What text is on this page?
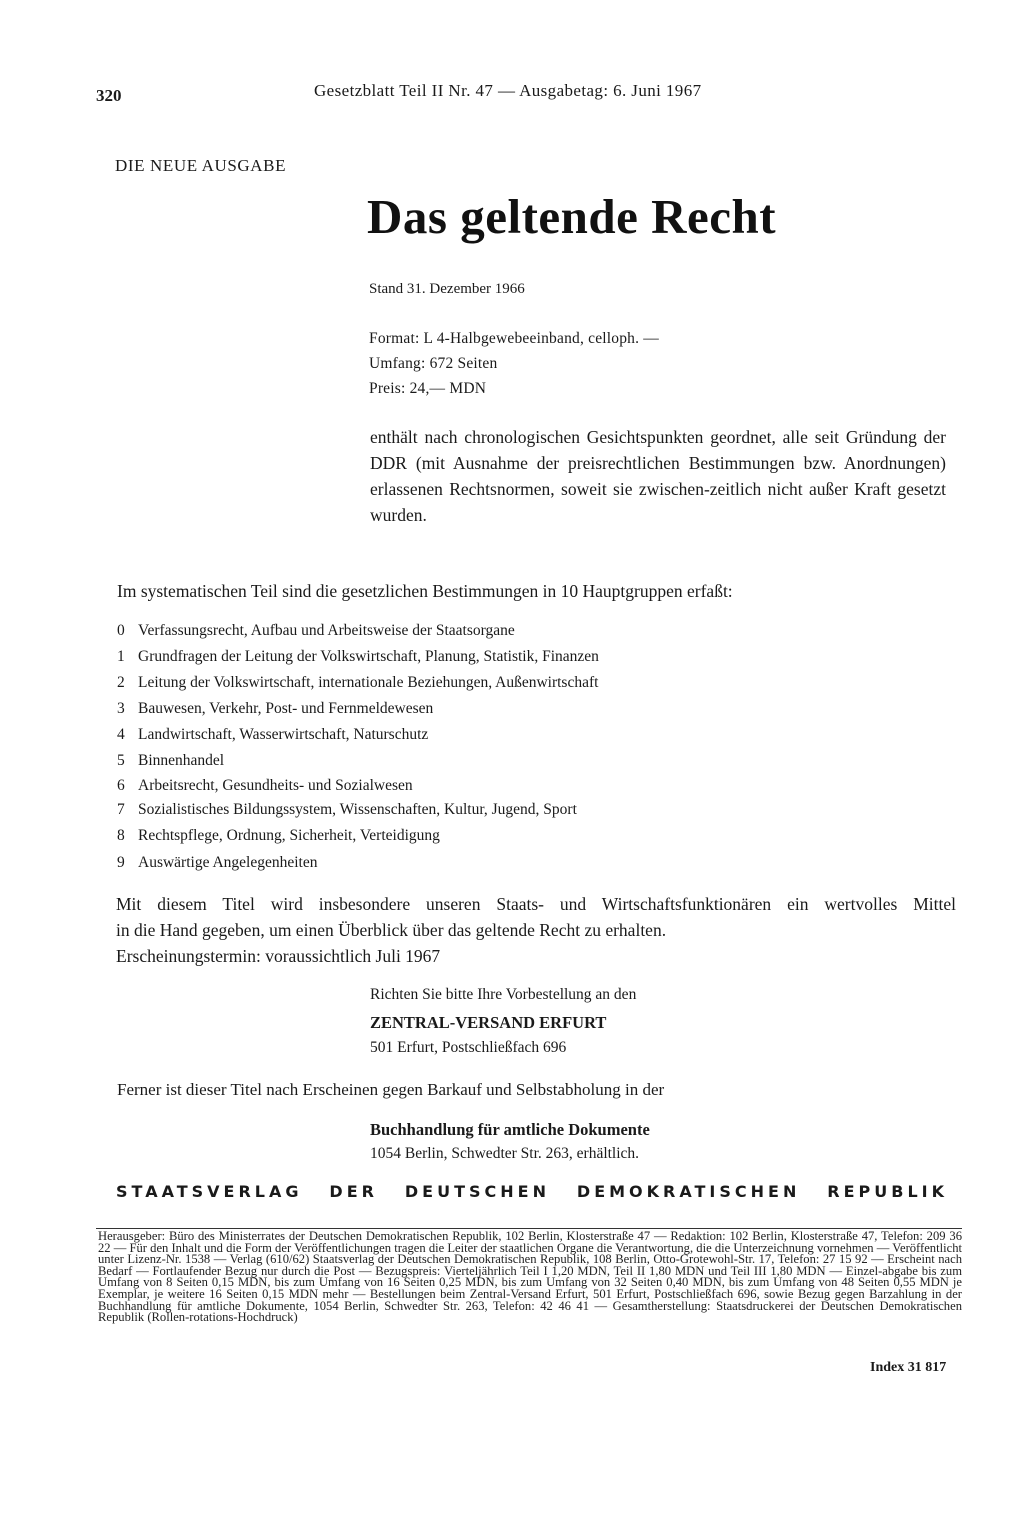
320	Gesetzblatt Teil II Nr. 47 — Ausgabetag: 6. Juni 1967
DIE NEUE AUSGABE
Das geltende Recht
Stand 31. Dezember 1966
Format: L 4-Halbgewebeeinband, celloph. —
Umfang: 672 Seiten
Preis: 24,— MDN
enthält nach chronologischen Gesichtspunkten geordnet, alle seit Gründung der DDR (mit Ausnahme der preisrechtlichen Bestimmungen bzw. Anordnungen) erlassenen Rechtsnormen, soweit sie zwischen-zeitlich nicht außer Kraft gesetzt wurden.
Im systematischen Teil sind die gesetzlichen Bestimmungen in 10 Hauptgruppen erfaßt:
0 Verfassungsrecht, Aufbau und Arbeitsweise der Staatsorgane
1 Grundfragen der Leitung der Volkswirtschaft, Planung, Statistik, Finanzen
2 Leitung der Volkswirtschaft, internationale Beziehungen, Außenwirtschaft
3 Bauwesen, Verkehr, Post- und Fernmeldewesen
4 Landwirtschaft, Wasserwirtschaft, Naturschutz
5 Binnenhandel
6 Arbeitsrecht, Gesundheits- und Sozialwesen
7 Sozialistisches Bildungssystem, Wissenschaften, Kultur, Jugend, Sport
8 Rechtspflege, Ordnung, Sicherheit, Verteidigung
9 Auswärtige Angelegenheiten
Mit diesem Titel wird insbesondere unseren Staats- und Wirtschaftsfunktionären ein wertvolles Mittel
in die Hand gegeben, um einen Überblick über das geltende Recht zu erhalten.
Erscheinungstermin: voraussichtlich Juli 1967
Richten Sie bitte Ihre Vorbestellung an den
ZENTRAL-VERSAND ERFURT
501 Erfurt, Postschließfach 696
Ferner ist dieser Titel nach Erscheinen gegen Barkauf und Selbstabholung in der
Buchhandlung für amtliche Dokumente
1054 Berlin, Schwedter Str. 263, erhältlich.
STAATSVERLAG DER DEUTSCHEN DEMOKRATISCHEN REPUBLIK
Herausgeber: Büro des Ministerrates der Deutschen Demokratischen Republik, 102 Berlin, Klosterstraße 47 — Redaktion: 102 Berlin, Klosterstraße 47, Telefon: 209 36 22 — Für den Inhalt und die Form der Veröffentlichungen tragen die Leiter der staatlichen Organe die Verantwortung, die die Unterzeichnung vornehmen — Veröffentlicht unter Lizenz-Nr. 1538 — Verlag (610/62) Staatsverlag der Deutschen Demokratischen Republik, 108 Berlin, Otto-Grotewohl-Str. 17, Telefon: 27 15 92 — Erscheint nach Bedarf — Fortlaufender Bezug nur durch die Post — Bezugspreis: Vierteljährlich Teil I 1,20 MDN, Teil II 1,80 MDN und Teil III 1,80 MDN — Einzel-abgabe bis zum Umfang von 8 Seiten 0,15 MDN, bis zum Umfang von 16 Seiten 0,25 MDN, bis zum Umfang von 32 Seiten 0,40 MDN, bis zum Umfang von 48 Seiten 0,55 MDN je Exemplar, je weitere 16 Seiten 0,15 MDN mehr — Bestellungen beim Zentral-Versand Erfurt, 501 Erfurt, Postschließfach 696, sowie Bezug gegen Barzahlung in der Buchhandlung für amtliche Dokumente, 1054 Berlin, Schwedter Str. 263, Telefon: 42 46 41 — Gesamtherstellung: Staatsdruckerei der Deutschen Demokratischen Republik (Rollen-rotations-Hochdruck)
Index 31 817
